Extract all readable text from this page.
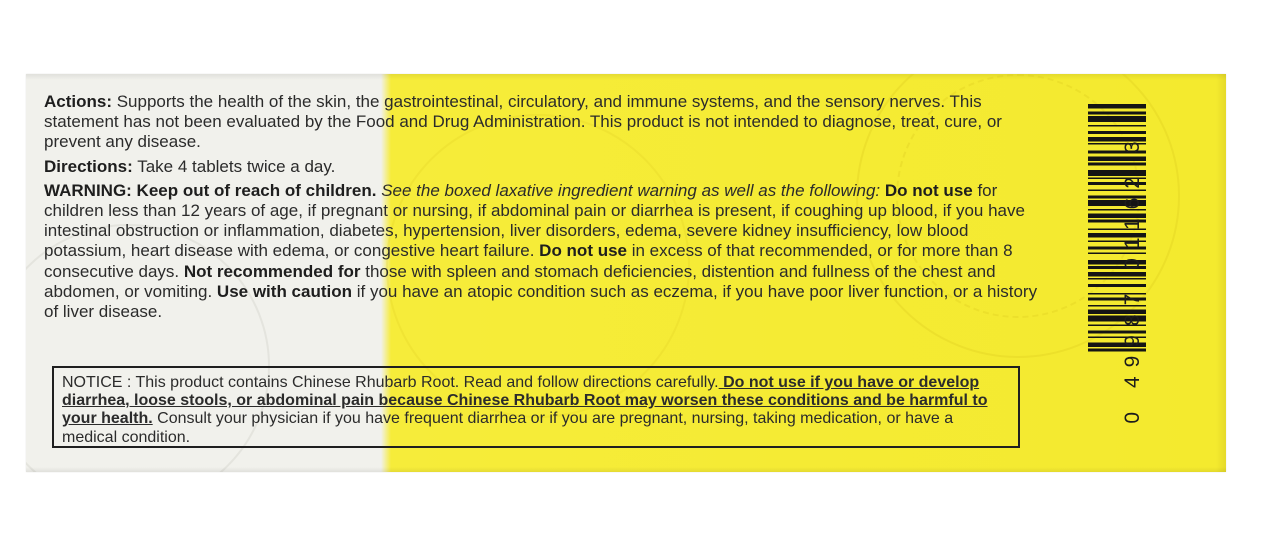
Actions: Supports the health of the skin, the gastrointestinal, circulatory, and immune systems, and the sensory nerves. This statement has not been evaluated by the Food and Drug Administration. This product is not intended to diagnose, treat, cure, or prevent any disease.

Directions: Take 4 tablets twice a day.

WARNING: Keep out of reach of children. See the boxed laxative ingredient warning as well as the following: Do not use for children less than 12 years of age, if pregnant or nursing, if abdominal pain or diarrhea is present, if coughing up blood, if you have intestinal obstruction or inflammation, diabetes, hypertension, liver disorders, edema, severe kidney insufficiency, low blood potassium, heart disease with edema, or congestive heart failure. Do not use in excess of that recommended, or for more than 8 consecutive days. Not recommended for those with spleen and stomach deficiencies, distention and fullness of the chest and abdomen, or vomiting. Use with caution if you have an atopic condition such as eczema, if you have poor liver function, or a history of liver disease.

NOTICE : This product contains Chinese Rhubarb Root. Read and follow directions carefully. Do not use if you have or develop diarrhea, loose stools, or abdominal pain because Chinese Rhubarb Root may worsen these conditions and be harmful to your health. Consult your physician if you have frequent diarrhea or if you are pregnant, nursing, taking medication, or have a medical condition.
0 49987 01162 3
